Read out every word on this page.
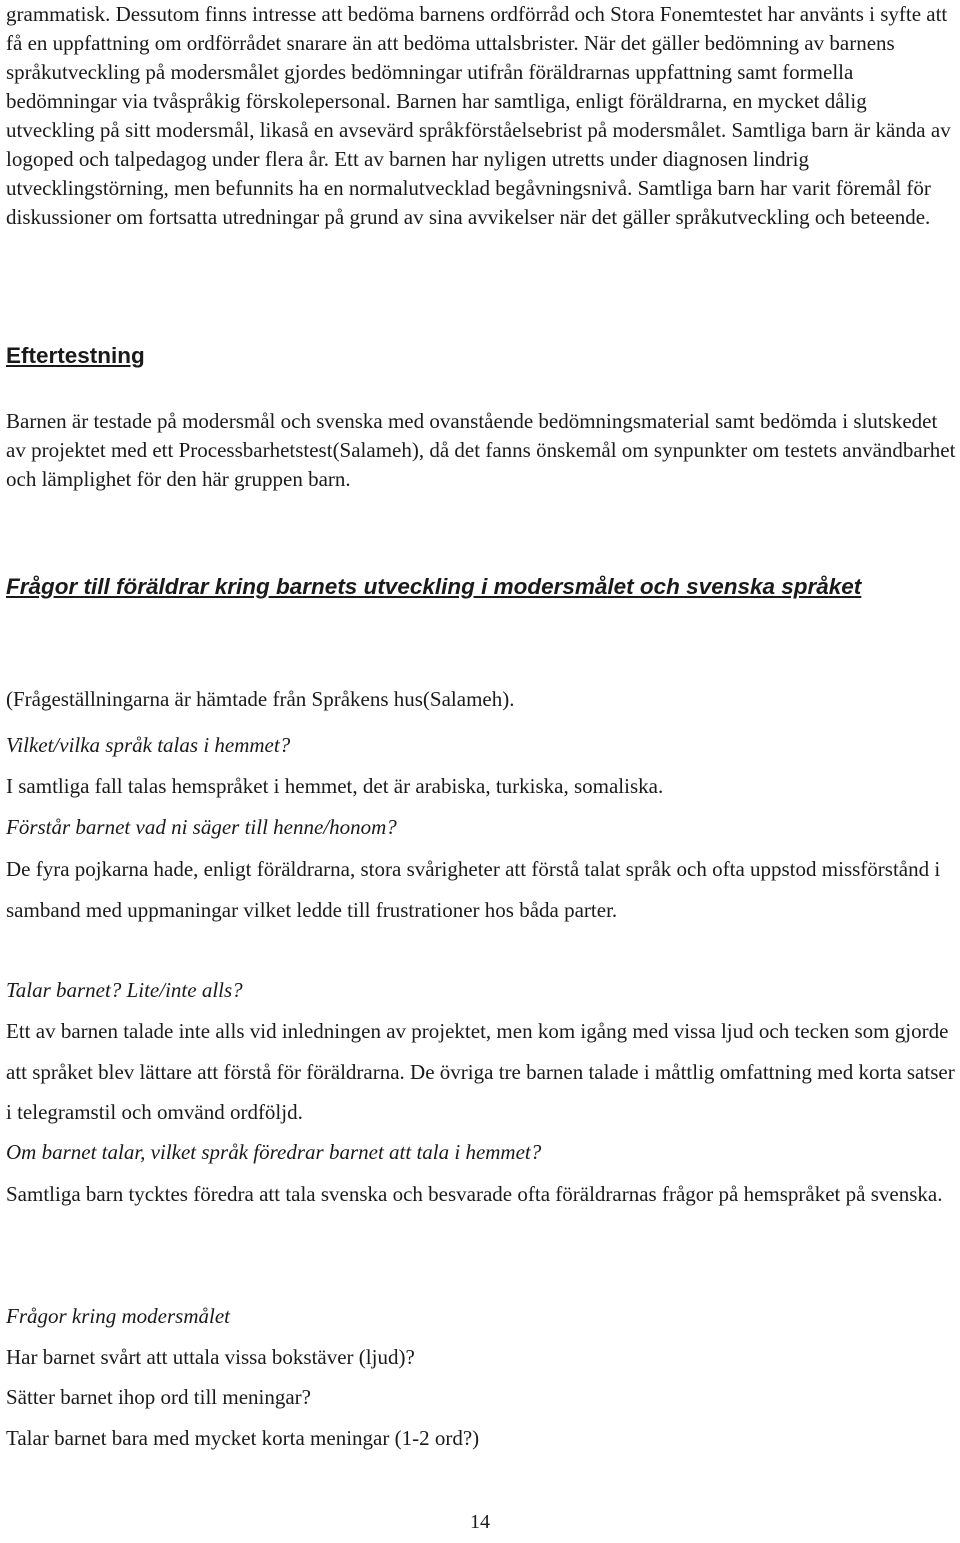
grammatisk. Dessutom finns intresse att bedöma barnens ordförråd och Stora Fonemtestet har använts i syfte att få en uppfattning om ordförrådet snarare än att bedöma uttalsbrister. När det gäller bedömning av barnens språkutveckling på modersmålet gjordes bedömningar utifrån föräldrarnas uppfattning samt formella bedömningar via tvåspråkig förskolepersonal. Barnen har samtliga, enligt föräldrarna, en mycket dålig utveckling på sitt modersmål, likaså en avsevärd språkförståelsebrist på modersmålet. Samtliga barn är kända av logoped och talpedagog under flera år. Ett av barnen har nyligen utretts under diagnosen lindrig utvecklingstörning, men befunnits ha en normalutvecklad begåvningsnivå. Samtliga barn har varit föremål för diskussioner om fortsatta utredningar på grund av sina avvikelser när det gäller språkutveckling och beteende.

Eftertestning

Barnen är testade på modersmål och svenska med ovanstående bedömningsmaterial samt bedömda i slutskedet av projektet med ett Processbarhetstest(Salameh), då det fanns önskemål om synpunkter om testets användbarhet och lämplighet för den här gruppen barn.

Frågor till föräldrar kring barnets utveckling i modersmålet och svenska språket

(Frågeställningarna är hämtade från Språkens hus(Salameh).

Vilket/vilka språk talas i hemmet?

I samtliga fall talas hemspråket i hemmet, det är arabiska, turkiska, somaliska.

Förstår barnet vad ni säger till henne/honom?

De fyra pojkarna hade, enligt föräldrarna, stora svårigheter att förstå talat språk och ofta uppstod missförstånd i samband med uppmaningar vilket ledde till frustrationer hos båda parter.

Talar barnet? Lite/inte alls?

Ett av barnen talade inte alls vid inledningen av projektet, men kom igång med vissa ljud och tecken som gjorde att språket blev lättare att förstå för föräldrarna. De övriga tre barnen talade i måttlig omfattning med korta satser i telegramstil och omvänd ordföljd.

Om barnet talar, vilket språk föredrar barnet att tala i hemmet?

Samtliga barn tycktes föredra att tala svenska och besvarade ofta föräldrarnas frågor på hemspråket på svenska.

Frågor kring modersmålet

Har barnet svårt att uttala vissa bokstäver (ljud)?

Sätter barnet ihop ord till meningar?

Talar barnet bara med mycket korta meningar (1-2 ord?)

14
